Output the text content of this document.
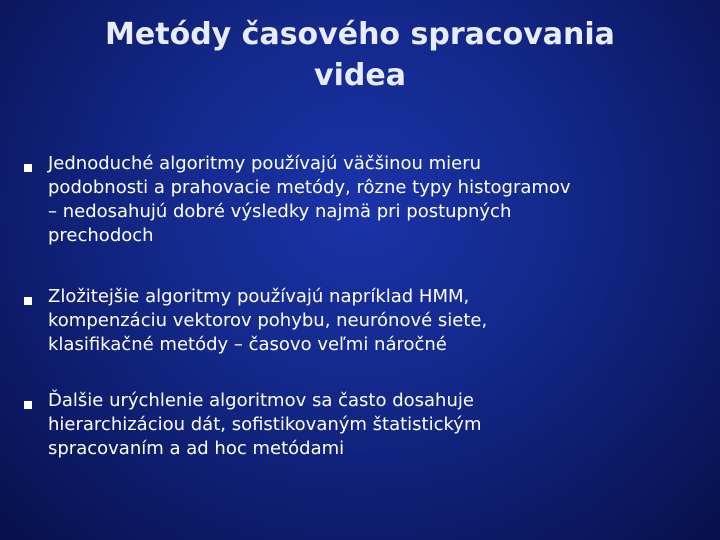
Metódy časového spracovania
videa

Jednoduché algoritmy používajú väčšinou mieru
podobnosti a prahovacie metódy, rôzne typy histogramov
– nedosahujú dobré výsledky najmä pri postupných
prechodoch

Zložitejšie algoritmy používajú napríklad HMM,
kompenzáciu vektorov pohybu, neurónové siete,
klasifikačné metódy – časovo veľmi náročné

Ďalšie urýchlenie algoritmov sa často dosahuje
hierarchizáciou dát, sofistikovaným štatistickým
spracovaním a ad hoc metódami
